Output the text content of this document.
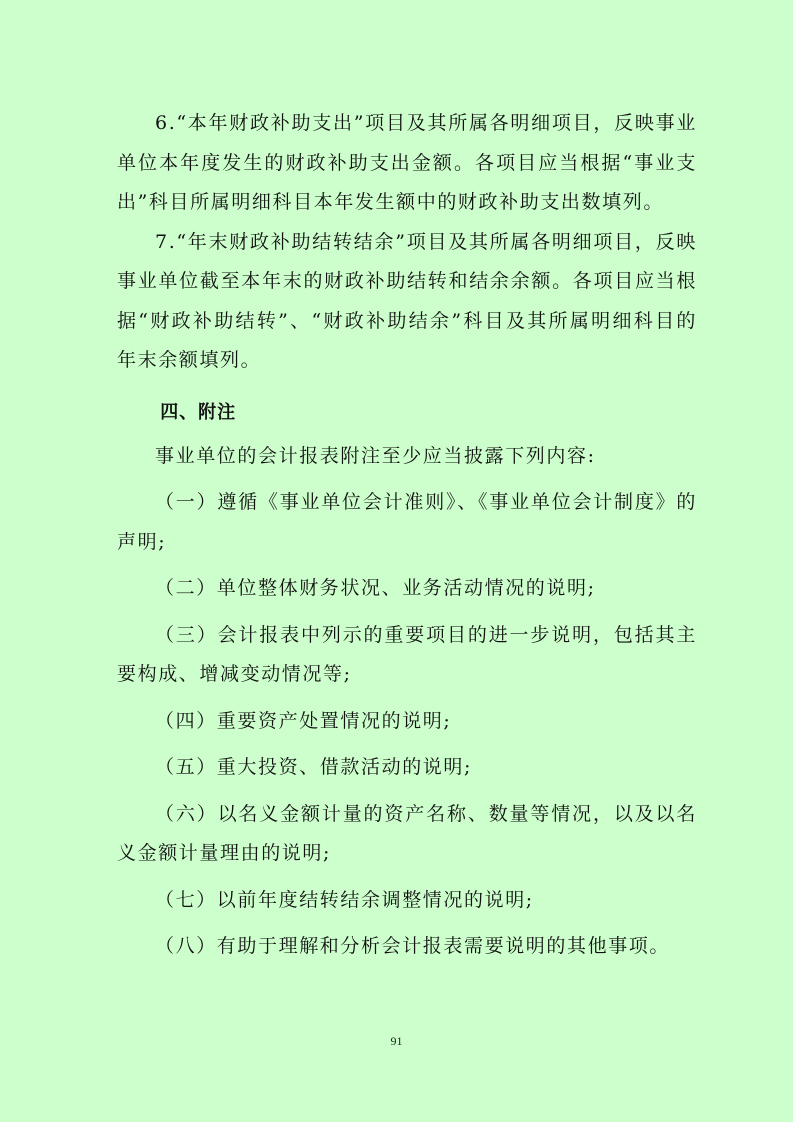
6.“本年财政补助支出”项目及其所属各明细项目，反映事业单位本年度发生的财政补助支出金额。各项目应当根据“事业支出”科目所属明细科目本年发生额中的财政补助支出数填列。

7.“年末财政补助结转结余”项目及其所属各明细项目，反映事业单位截至本年末的财政补助结转和结余余额。各项目应当根据“财政补助结转”、“财政补助结余”科目及其所属明细科目的年末余额填列。

四、附注

事业单位的会计报表附注至少应当披露下列内容:

（一）遵循《事业单位会计准则》、《事业单位会计制度》的声明;

（二）单位整体财务状况、业务活动情况的说明;

（三）会计报表中列示的重要项目的进一步说明，包括其主要构成、增减变动情况等;

（四）重要资产处置情况的说明;

（五）重大投资、借款活动的说明;

（六）以名义金额计量的资产名称、数量等情况，以及以名义金额计量理由的说明;

（七）以前年度结转结余调整情况的说明;

（八）有助于理解和分析会计报表需要说明的其他事项。

91
